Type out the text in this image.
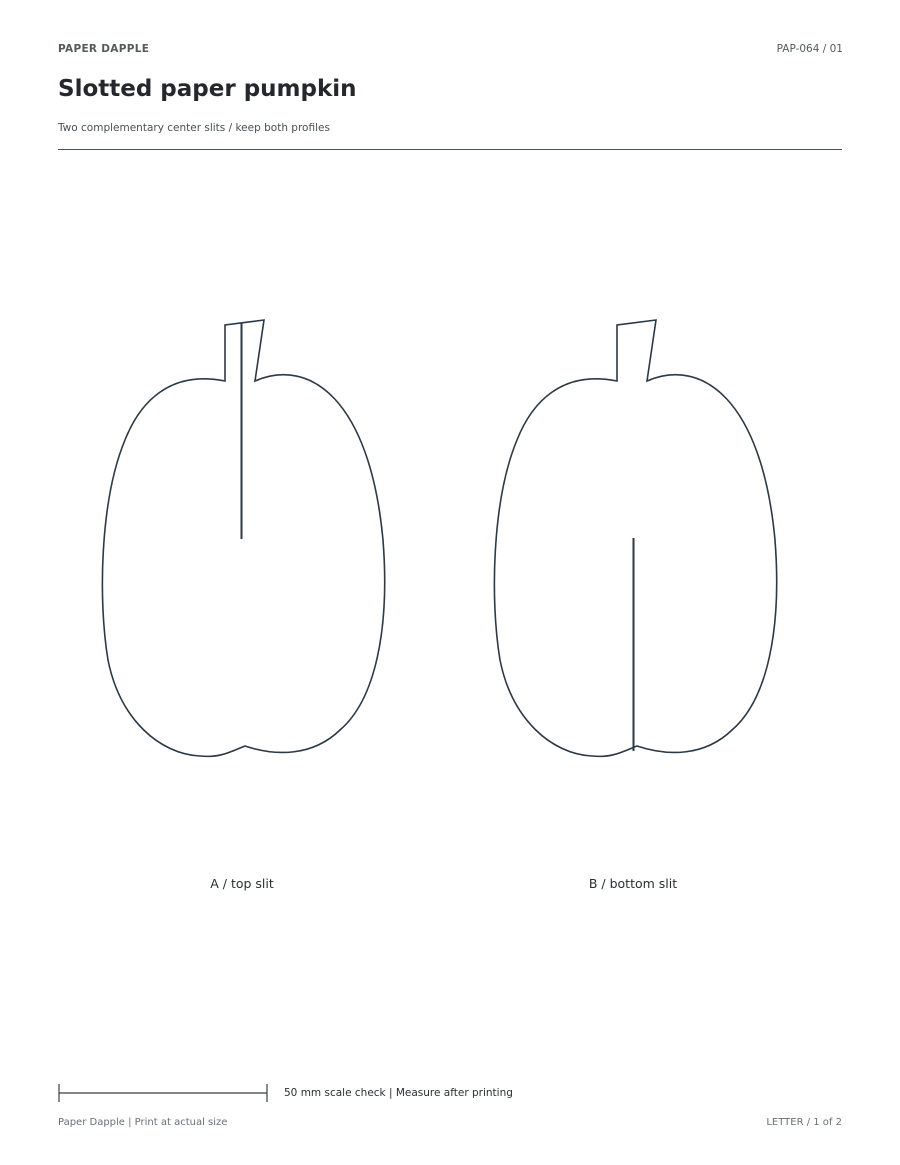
PAPER DAPPLE	PAP-064 / 01
Slotted paper pumpkin
Two complementary center slits / keep both profiles
A / top slit	B / bottom slit
50 mm scale check | Measure after printing
Paper Dapple | Print at actual size	LETTER / 1 of 2
